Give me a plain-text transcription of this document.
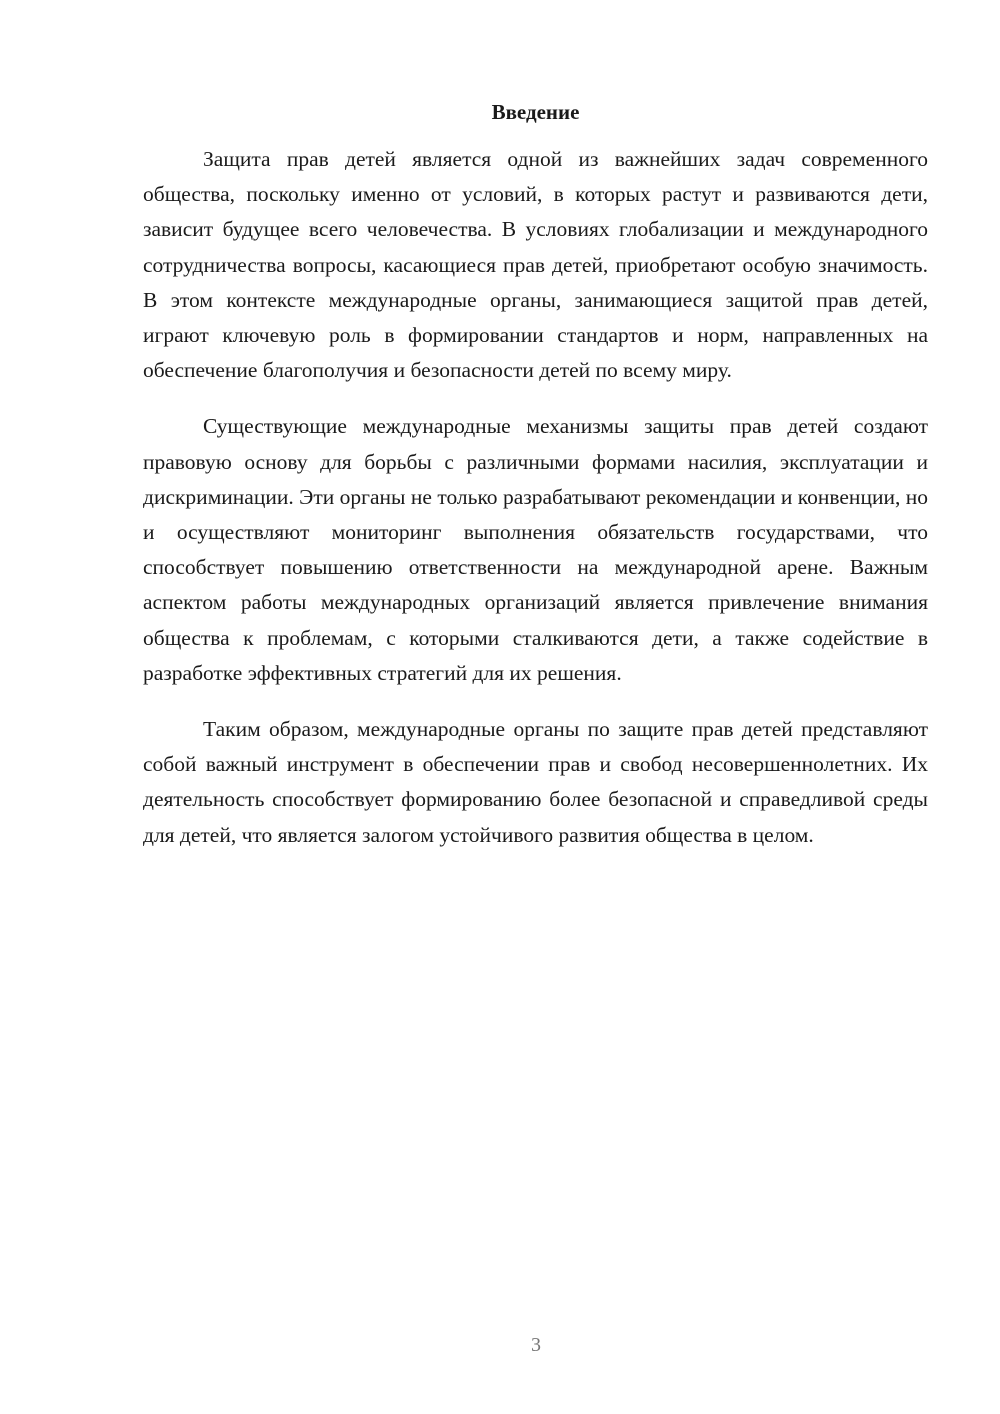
Введение

Защита прав детей является одной из важнейших задач современного общества, поскольку именно от условий, в которых растут и развиваются дети, зависит будущее всего человечества. В условиях глобализации и международного сотрудничества вопросы, касающиеся прав детей, приобретают особую значимость. В этом контексте международные органы, занимающиеся защитой прав детей, играют ключевую роль в формировании стандартов и норм, направленных на обеспечение благополучия и безопасности детей по всему миру.

Существующие международные механизмы защиты прав детей создают правовую основу для борьбы с различными формами насилия, эксплуатации и дискриминации. Эти органы не только разрабатывают рекомендации и конвенции, но и осуществляют мониторинг выполнения обязательств государствами, что способствует повышению ответственности на международной арене. Важным аспектом работы международных организаций является привлечение внимания общества к проблемам, с которыми сталкиваются дети, а также содействие в разработке эффективных стратегий для их решения.

Таким образом, международные органы по защите прав детей представляют собой важный инструмент в обеспечении прав и свобод несовершеннолетних. Их деятельность способствует формированию более безопасной и справедливой среды для детей, что является залогом устойчивого развития общества в целом.

3
